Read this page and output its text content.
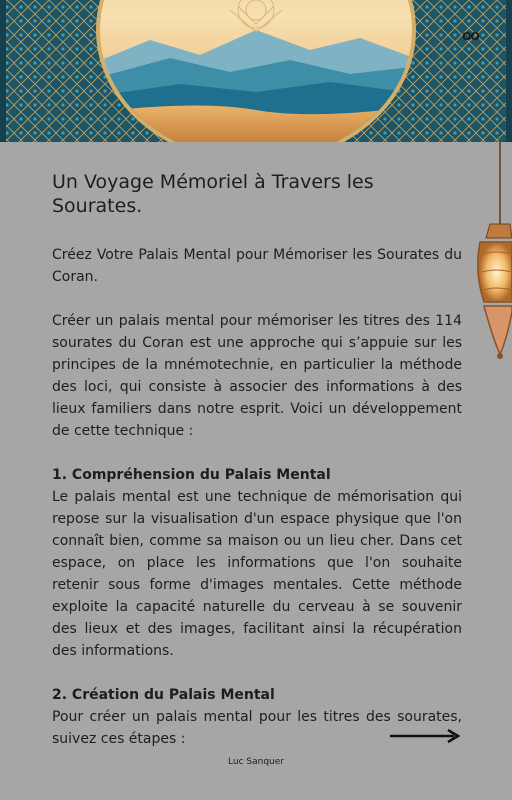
OO
Un Voyage Mémoriel à Travers les Sourates.

Créez Votre Palais Mental pour Mémoriser les Sourates du Coran.

Créer un palais mental pour mémoriser les titres des 114 sourates du Coran est une approche qui s’appuie sur les principes de la mnémotechnie, en particulier la méthode des loci, qui consiste à associer des informations à des lieux familiers dans notre esprit. Voici un développement de cette technique :

1. Compréhension du Palais Mental

Le palais mental est une technique de mémorisation qui repose sur la visualisation d'un espace physique que l'on connaît bien, comme sa maison ou un lieu cher. Dans cet espace, on place les informations que l'on souhaite retenir sous forme d'images mentales. Cette méthode exploite la capacité naturelle du cerveau à se souvenir des lieux et des images, facilitant ainsi la récupération des informations.

2. Création du Palais Mental

Pour créer un palais mental pour les titres des sourates, suivez ces étapes :

Luc Sanquer
